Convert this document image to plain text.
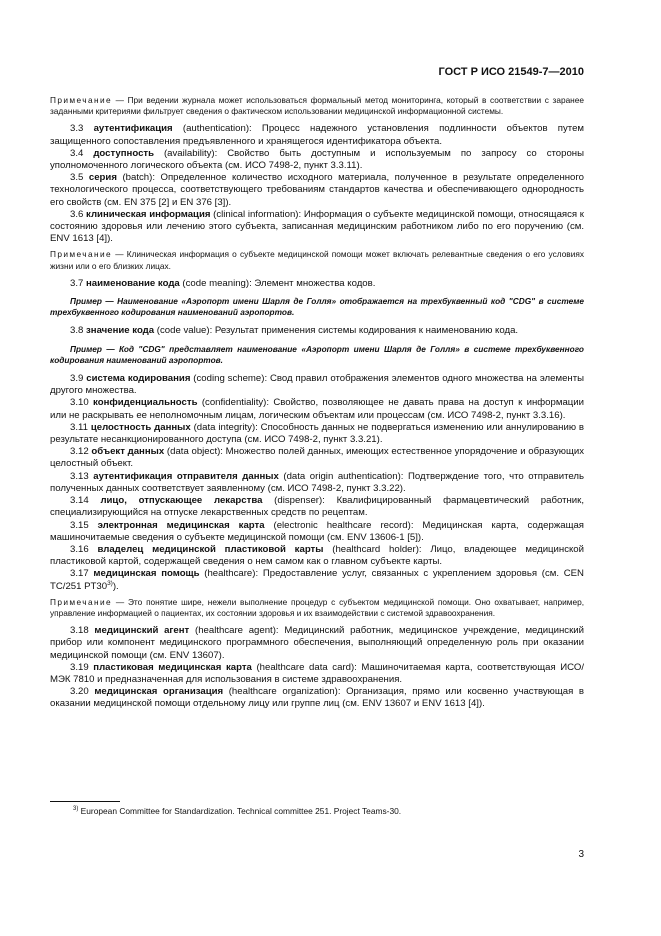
ГОСТ Р ИСО 21549-7—2010

Примечание — При ведении журнала может использоваться формальный метод мониторинга, который в соответствии с заранее заданными критериями фильтрует сведения о фактическом использовании медицинской информационной системы.

3.3 аутентификация (authentication): Процесс надежного установления подлинности объектов путем защищенного сопоставления предъявленного и хранящегося идентификатора объекта.

3.4 доступность (availability): Свойство быть доступным и используемым по запросу со стороны уполномоченного логического объекта (см. ИСО 7498-2, пункт 3.3.11).

3.5 серия (batch): Определенное количество исходного материала, полученное в результате определенного технологического процесса, соответствующего требованиям стандартов качества и обеспечивающего однородность его свойств (см. EN 375 [2] и EN 376 [3]).

3.6 клиническая информация (clinical information): Информация о субъекте медицинской помощи, относящаяся к состоянию здоровья или лечению этого субъекта, записанная медицинским работником либо по его поручению (см. ENV 1613 [4]).

Примечание — Клиническая информация о субъекте медицинской помощи может включать релевантные сведения о его условиях жизни или о его близких лицах.

3.7 наименование кода (code meaning): Элемент множества кодов.

Пример — Наименование «Аэропорт имени Шарля де Голля» отображается на трехбуквенный код "CDG" в системе трехбуквенного кодирования наименований аэропортов.

3.8 значение кода (code value): Результат применения системы кодирования к наименованию кода.

Пример — Код "CDG" представляет наименование «Аэропорт имени Шарля де Голля» в системе трехбуквенного кодирования наименований аэропортов.

3.9 система кодирования (coding scheme): Свод правил отображения элементов одного множества на элементы другого множества.

3.10 конфиденциальность (confidentiality): Свойство, позволяющее не давать права на доступ к информации или не раскрывать ее неполномочным лицам, логическим объектам или процессам (см. ИСО 7498-2, пункт 3.3.16).

3.11 целостность данных (data integrity): Способность данных не подвергаться изменению или аннулированию в результате несанкционированного доступа (см. ИСО 7498-2, пункт 3.3.21).

3.12 объект данных (data object): Множество полей данных, имеющих естественное упорядочение и образующих целостный объект.

3.13 аутентификация отправителя данных (data origin authentication): Подтверждение того, что отправитель полученных данных соответствует заявленному (см. ИСО 7498-2, пункт 3.3.22).

3.14 лицо, отпускающее лекарства (dispenser): Квалифицированный фармацевтический работник, специализирующийся на отпуске лекарственных средств по рецептам.

3.15 электронная медицинская карта (electronic healthcare record): Медицинская карта, содержащая машиночитаемые сведения о субъекте медицинской помощи (см. ENV 13606-1 [5]).

3.16 владелец медицинской пластиковой карты (healthcard holder): Лицо, владеющее медицинской пластиковой картой, содержащей сведения о нем самом как о главном субъекте карты.

3.17 медицинская помощь (healthcare): Предоставление услуг, связанных с укреплением здоровья (см. CEN TC/251 PT30$^{3)}$).

Примечание — Это понятие шире, нежели выполнение процедур с субъектом медицинской помощи. Оно охватывает, например, управление информацией о пациентах, их состоянии здоровья и их взаимодействии с системой здравоохранения.

3.18 медицинский агент (healthcare agent): Медицинский работник, медицинское учреждение, медицинский прибор или компонент медицинского программного обеспечения, выполняющий определенную роль при оказании медицинской помощи (см. ENV 13607).

3.19 пластиковая медицинская карта (healthcare data card): Машиночитаемая карта, соответствующая ИСО/МЭК 7810 и предназначенная для использования в системе здравоохранения.

3.20 медицинская организация (healthcare organization): Организация, прямо или косвенно участвующая в оказании медицинской помощи отдельному лицу или группе лиц (см. ENV 13607 и ENV 1613 [4]).

$^{3)}$ European Committee for Standardization. Technical committee 251. Project Teams-30.
3
